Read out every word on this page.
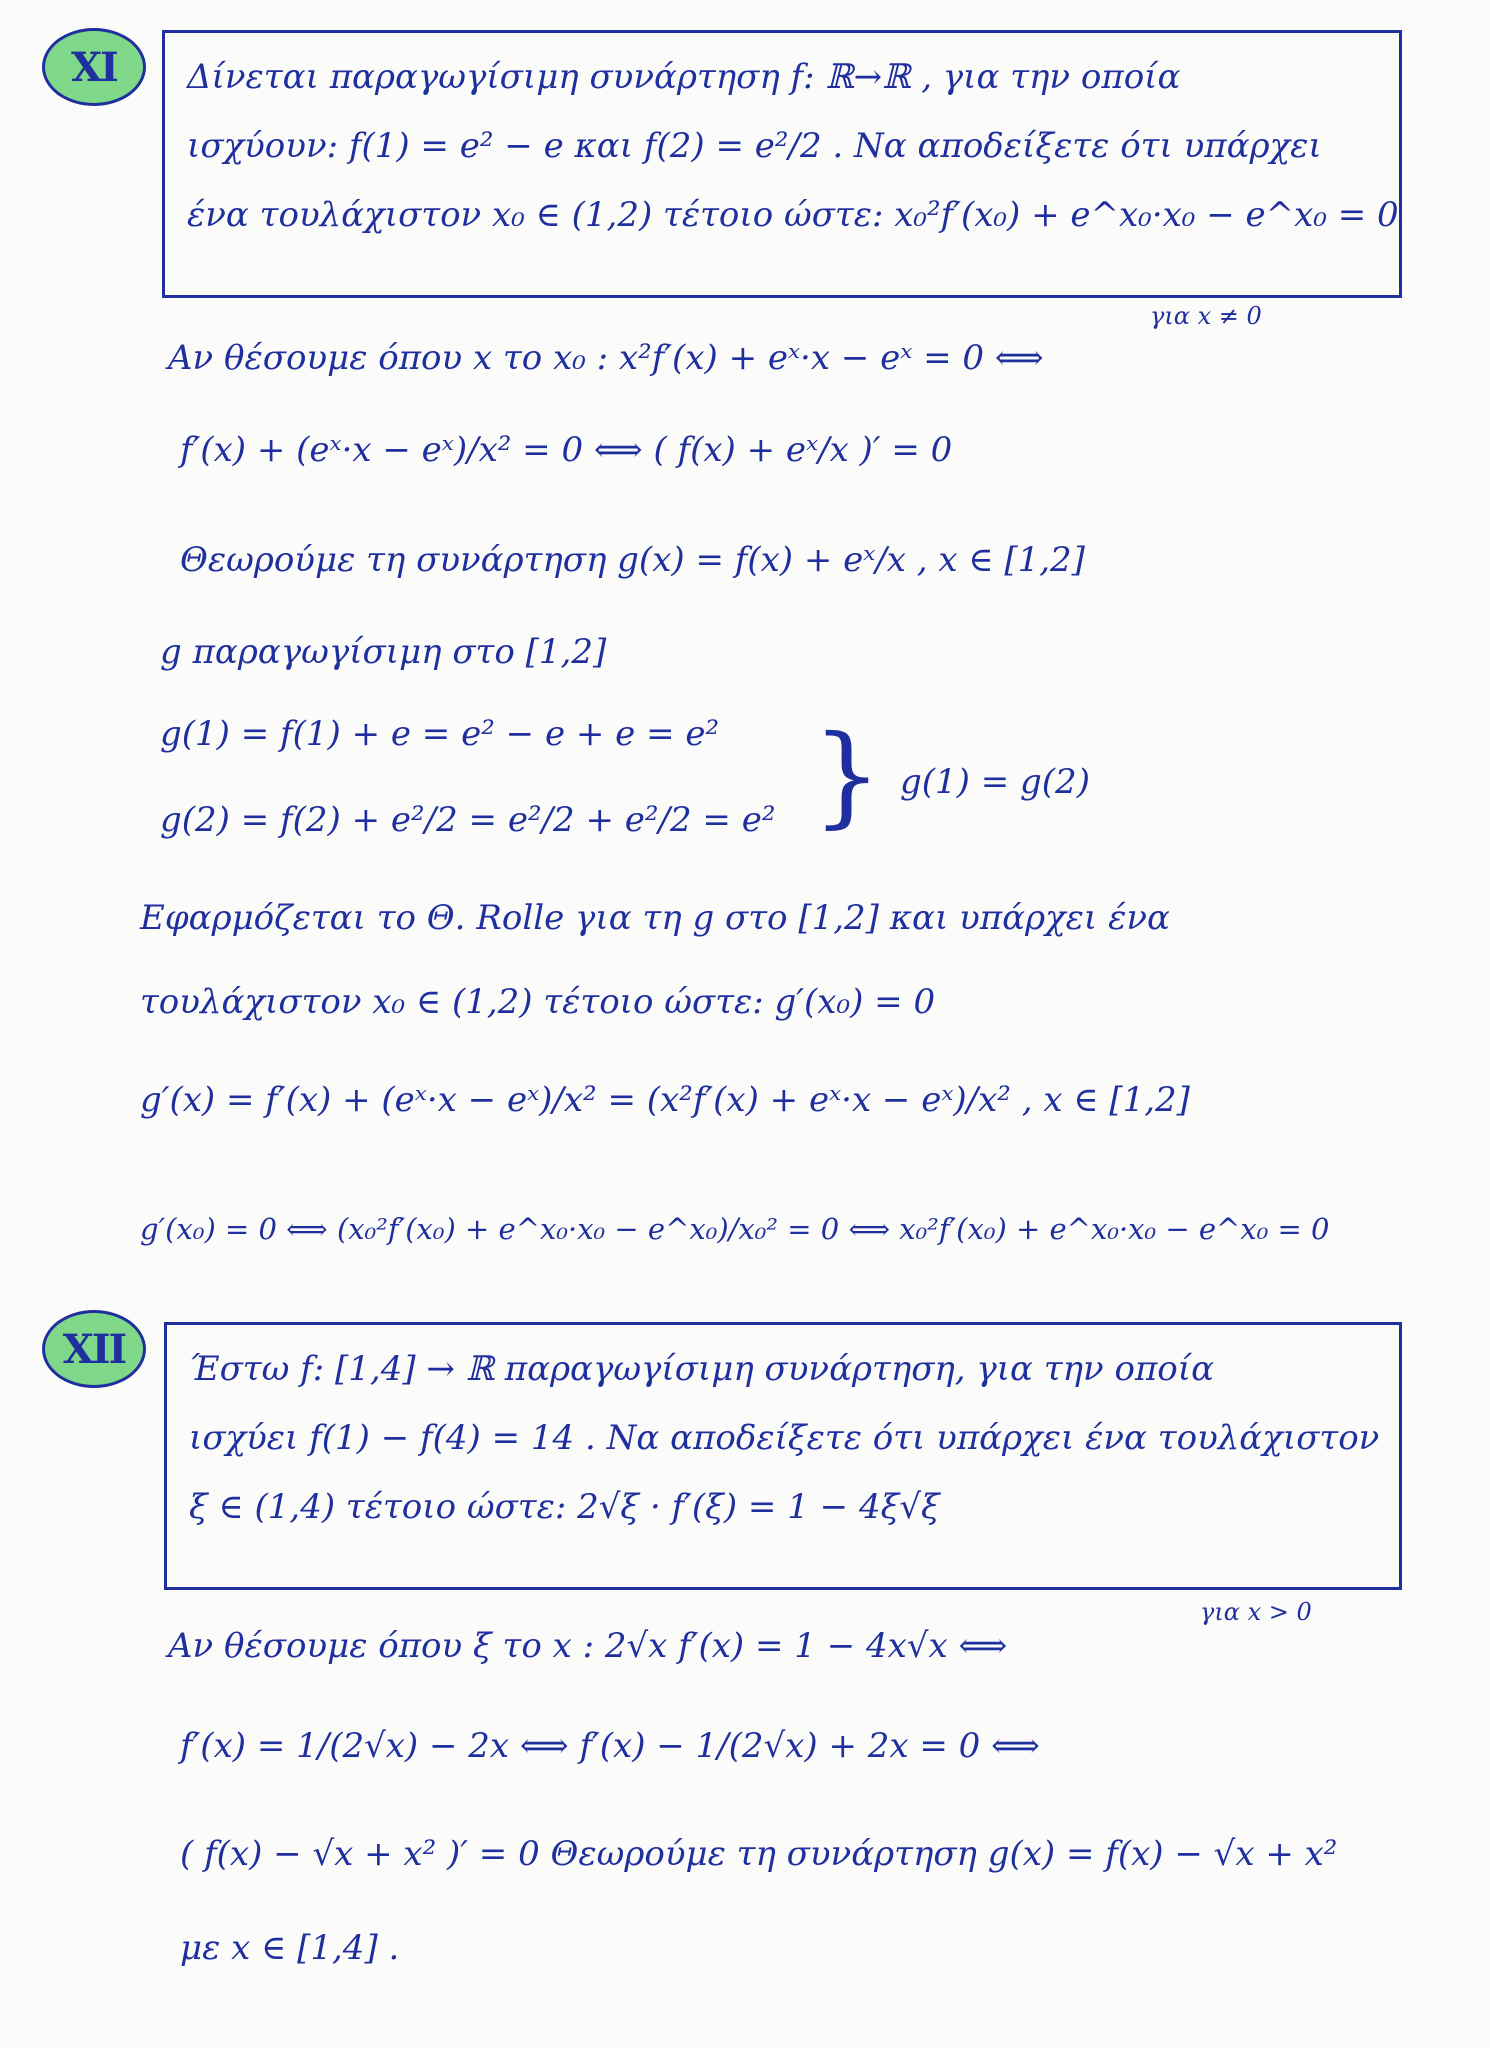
XI Δίνεται παραγωγίσιμη συνάρτηση f: ℝ→ℝ , για την οποία
ισχύουν: f(1) = e² − e και f(2) = e²/2 . Να αποδείξετε ότι υπάρχει
ένα τουλάχιστον x₀ ∈ (1,2) τέτοιο ώστε: x₀²f′(x₀) + e^x₀·x₀ − e^x₀ = 0
για x ≠ 0
Αν θέσουμε όπου x το x₀ : x²f′(x) + eˣ·x − eˣ = 0 ⟺
f′(x) + (eˣ·x − eˣ)/x² = 0 ⟺ ( f(x) + eˣ/x )′ = 0
Θεωρούμε τη συνάρτηση g(x) = f(x) + eˣ/x , x ∈ [1,2]
g παραγωγίσιμη στο [1,2]
g(1) = f(1) + e = e² − e + e = e²
g(2) = f(2) + e²/2 = e²/2 + e²/2 = e² } g(1) = g(2)
Εφαρμόζεται το Θ. Rolle για τη g στο [1,2] και υπάρχει ένα
τουλάχιστον x₀ ∈ (1,2) τέτοιο ώστε: g′(x₀) = 0
g′(x) = f′(x) + (eˣ·x − eˣ)/x² = (x²f′(x) + eˣ·x − eˣ)/x² , x ∈ [1,2]
g′(x₀) = 0 ⟺ (x₀²f′(x₀) + e^x₀·x₀ − e^x₀)/x₀² = 0 ⟺ x₀²f′(x₀) + e^x₀·x₀ − e^x₀ = 0
XII Έστω f: [1,4] → ℝ παραγωγίσιμη συνάρτηση, για την οποία
ισχύει f(1) − f(4) = 14 . Να αποδείξετε ότι υπάρχει ένα τουλάχιστον
ξ ∈ (1,4) τέτοιο ώστε: 2√ξ · f′(ξ) = 1 − 4ξ√ξ
για x > 0
Αν θέσουμε όπου ξ το x : 2√x f′(x) = 1 − 4x√x ⟺
f′(x) = 1/(2√x) − 2x ⟺ f′(x) − 1/(2√x) + 2x = 0 ⟺
( f(x) − √x + x² )′ = 0 Θεωρούμε τη συνάρτηση g(x) = f(x) − √x + x²
με x ∈ [1,4] .
